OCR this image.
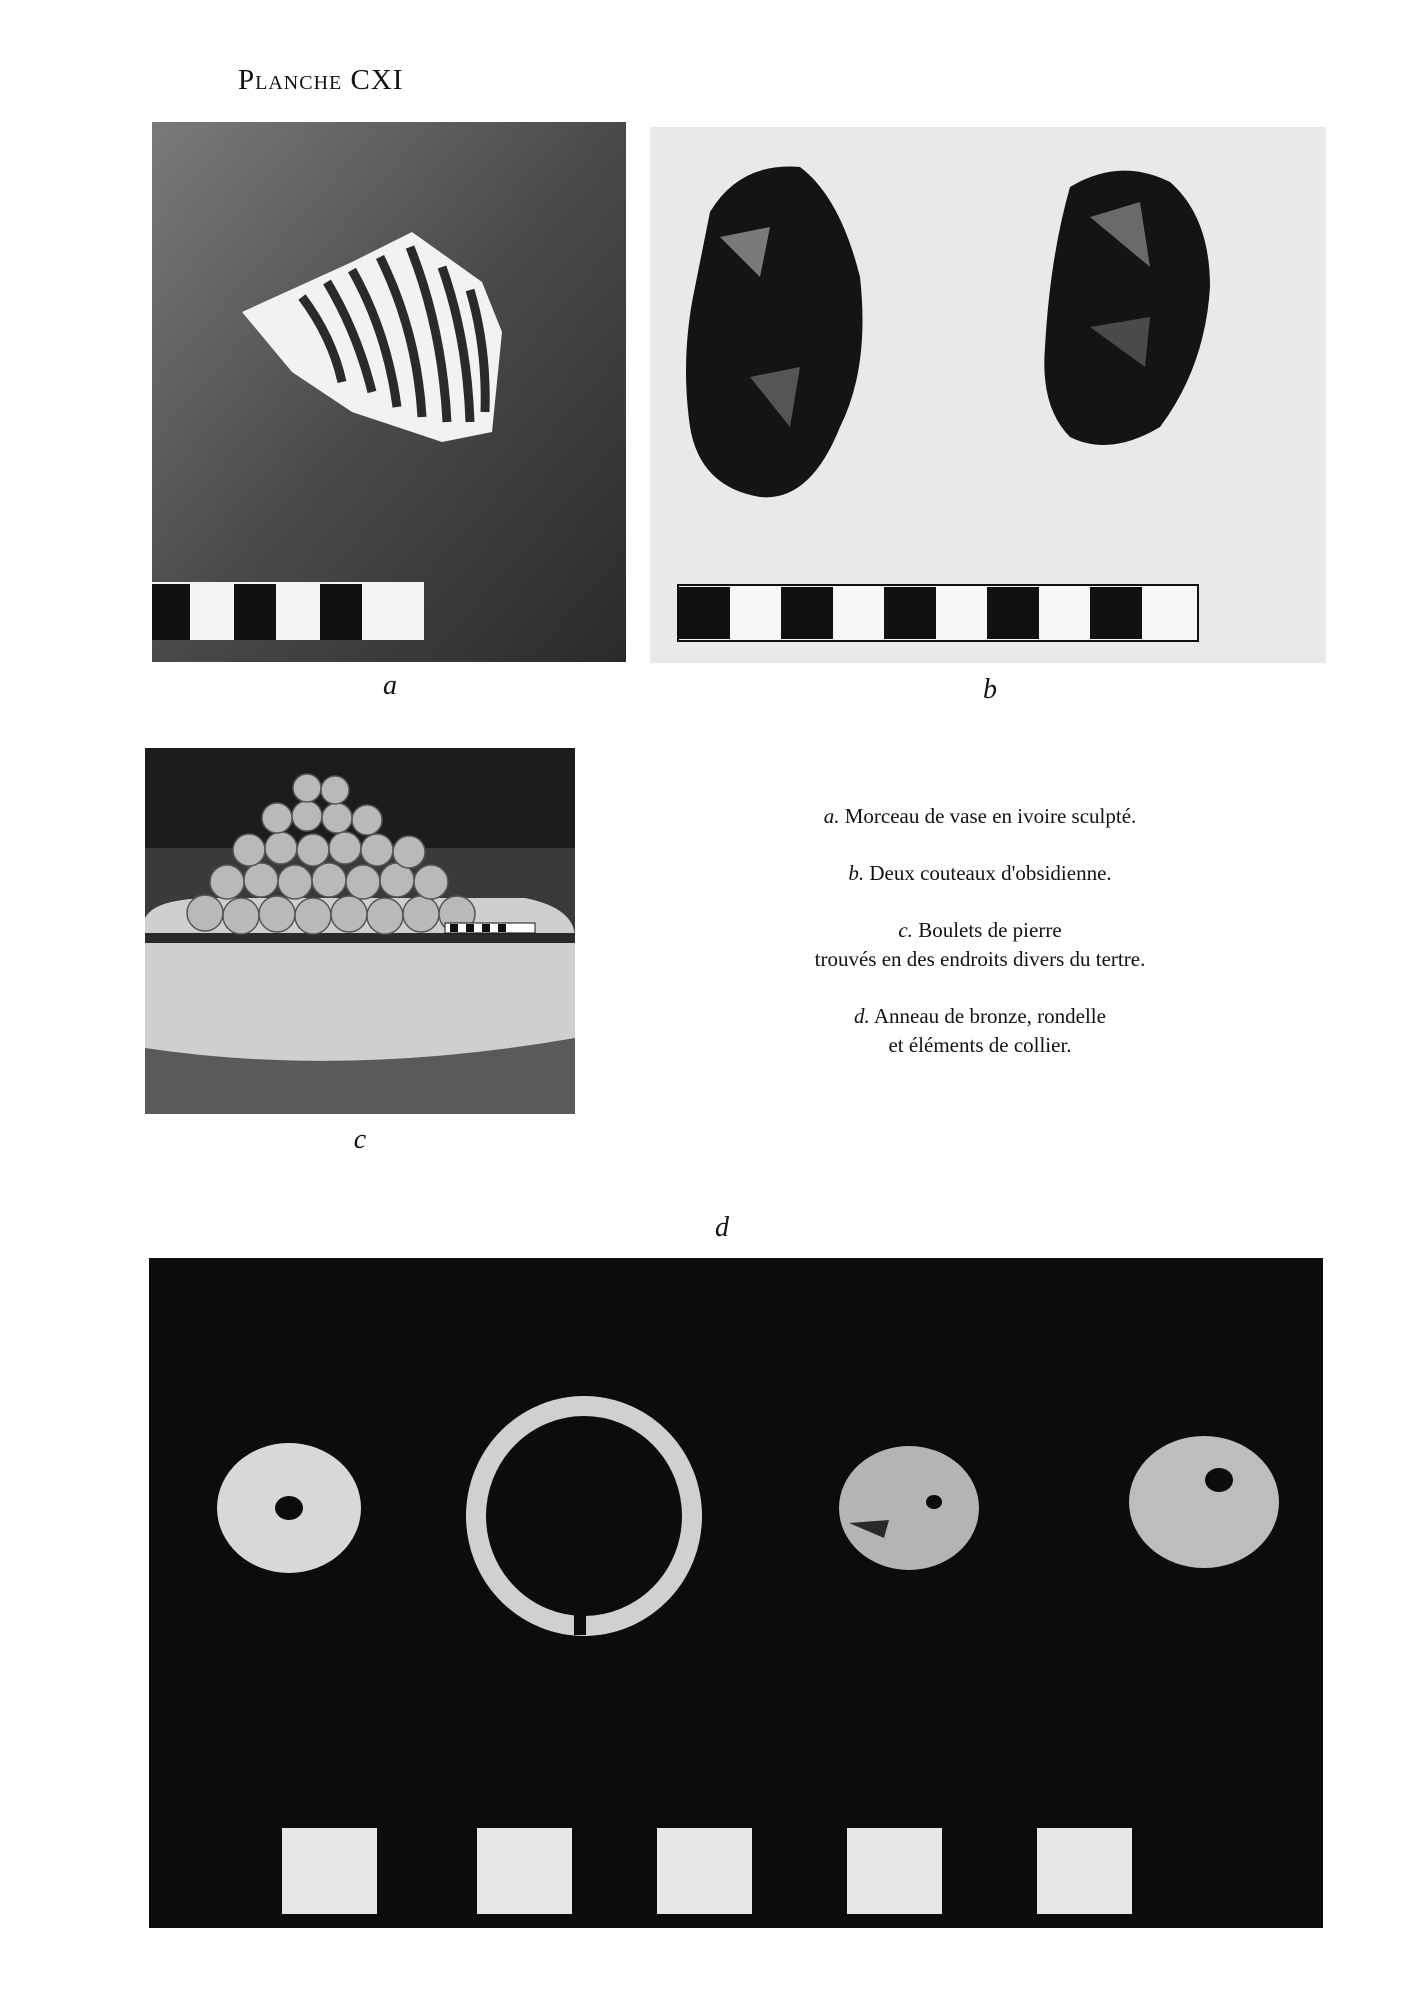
Planche CXI
a	b
c
a. Morceau de vase en ivoire sculpté.
b. Deux couteaux d'obsidienne.
c. Boulets de pierre
trouvés en des endroits divers du tertre.
d. Anneau de bronze, rondelle
et éléments de collier.
d
